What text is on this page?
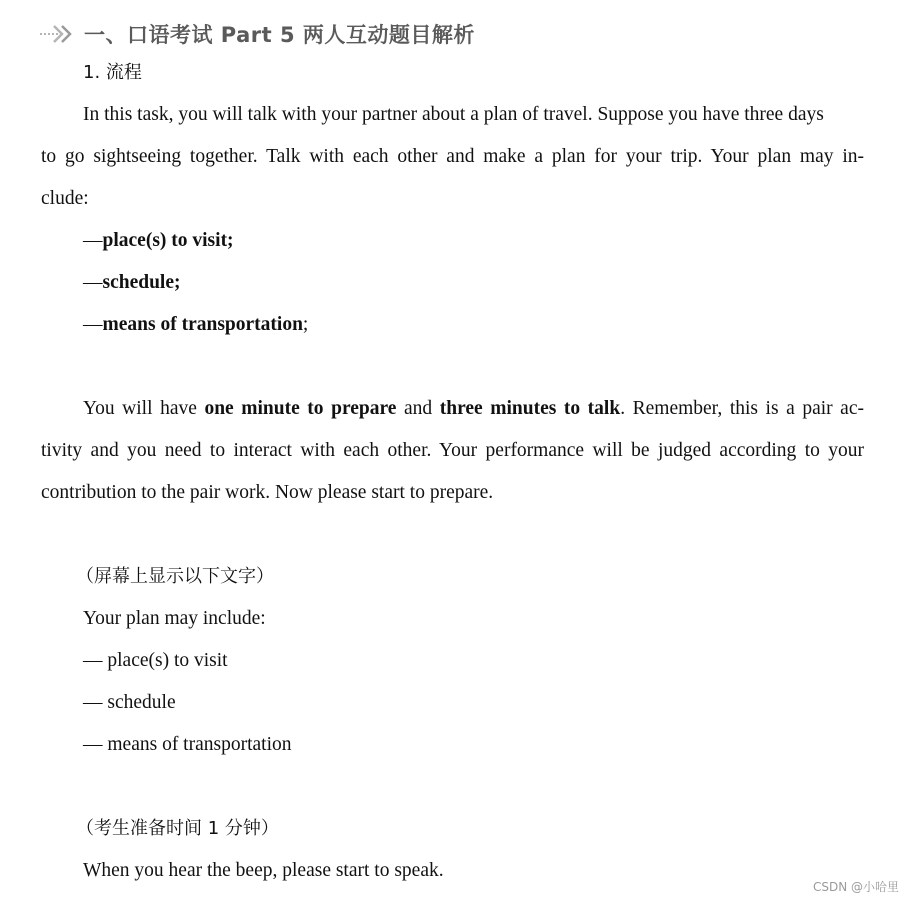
一、口语考试 Part 5 两人互动题目解析
1. 流程
In this task, you will talk with your partner about a plan of travel. Suppose you have three days
to go sightseeing together. Talk with each other and make a plan for your trip. Your plan may in-
clude:
—place(s) to visit;
—schedule;
—means of transportation;
You will have one minute to prepare and three minutes to talk. Remember, this is a pair ac-
tivity and you need to interact with each other. Your performance will be judged according to your
contribution to the pair work. Now please start to prepare.
（屏幕上显示以下文字）
Your plan may include:
— place(s) to visit
— schedule
— means of transportation
（考生准备时间 1 分钟）
When you hear the beep, please start to speak.
CSDN @小哈里
